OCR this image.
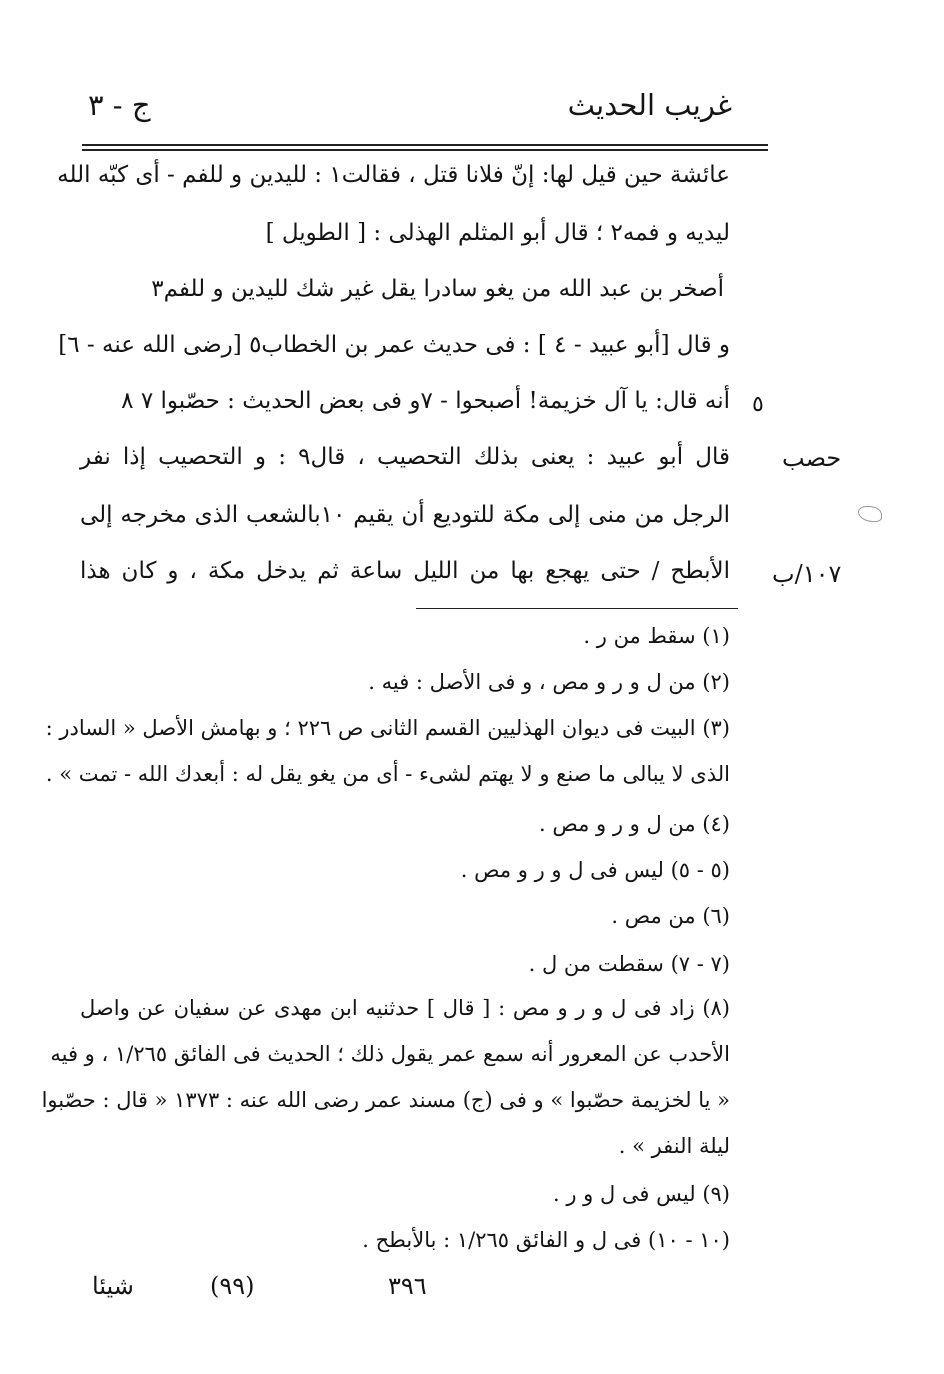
غريب الحديث
ج - ٣
عائشة حين قيل لها: إنّ فلانا قتل ، فقالت١ : لليدين و للفم - أى كبّه الله
ليديه و فمه٢ ؛ قال أبو المثلم الهذلى : [ الطويل ]
أصخر بن عبد الله من يغو سادرا يقل غير شك لليدين و للفم٣
و قال [أبو عبيد - ٤ ] : فى حديث عمر بن الخطاب٥ [رضى الله عنه - ٦]
أنه قال: يا آل خزيمة! أصبحوا - ٧و فى بعض الحديث : حصّبوا ٧ ٨
قال أبو عبيد : يعنى بذلك التحصيب ، قال٩ : و التحصيب إذا نفر
الرجل من منى إلى مكة للتوديع أن يقيم ١٠بالشعب الذى مخرجه إلى
الأبطح / حتى يهجع بها من الليل ساعة ثم يدخل مكة ، و كان هذا
٥
حصب
١٠٧/ب
(١) سقط من ر .
(٢) من ل و ر و مص ، و فى الأصل : فيه .
(٣) البيت فى ديوان الهذليين القسم الثانى ص ٢٢٦ ؛ و بهامش الأصل « السادر :
الذى لا يبالى ما صنع و لا يهتم لشىء - أى من يغو يقل له : أبعدك الله - تمت » .
(٤) من ل و ر و مص .
(٥ - ٥) ليس فى ل و ر و مص .
(٦) من مص .
(٧ - ٧) سقطت من ل .
(٨) زاد فى ل و ر و مص : [ قال ] حدثنيه ابن مهدى عن سفيان عن واصل
الأحدب عن المعرور أنه سمع عمر يقول ذلك ؛ الحديث فى الفائق ١/٢٦٥ ، و فيه
« يا لخزيمة حصّبوا » و فى (ج) مسند عمر رضى الله عنه : ١٣٧٣ « قال : حصّبوا
ليلة النفر » .
(٩) ليس فى ل و ر .
(١٠ - ١٠) فى ل و الفائق ١/٢٦٥ : بالأبطح .
٣٩٦
(٩٩)
شيئا
